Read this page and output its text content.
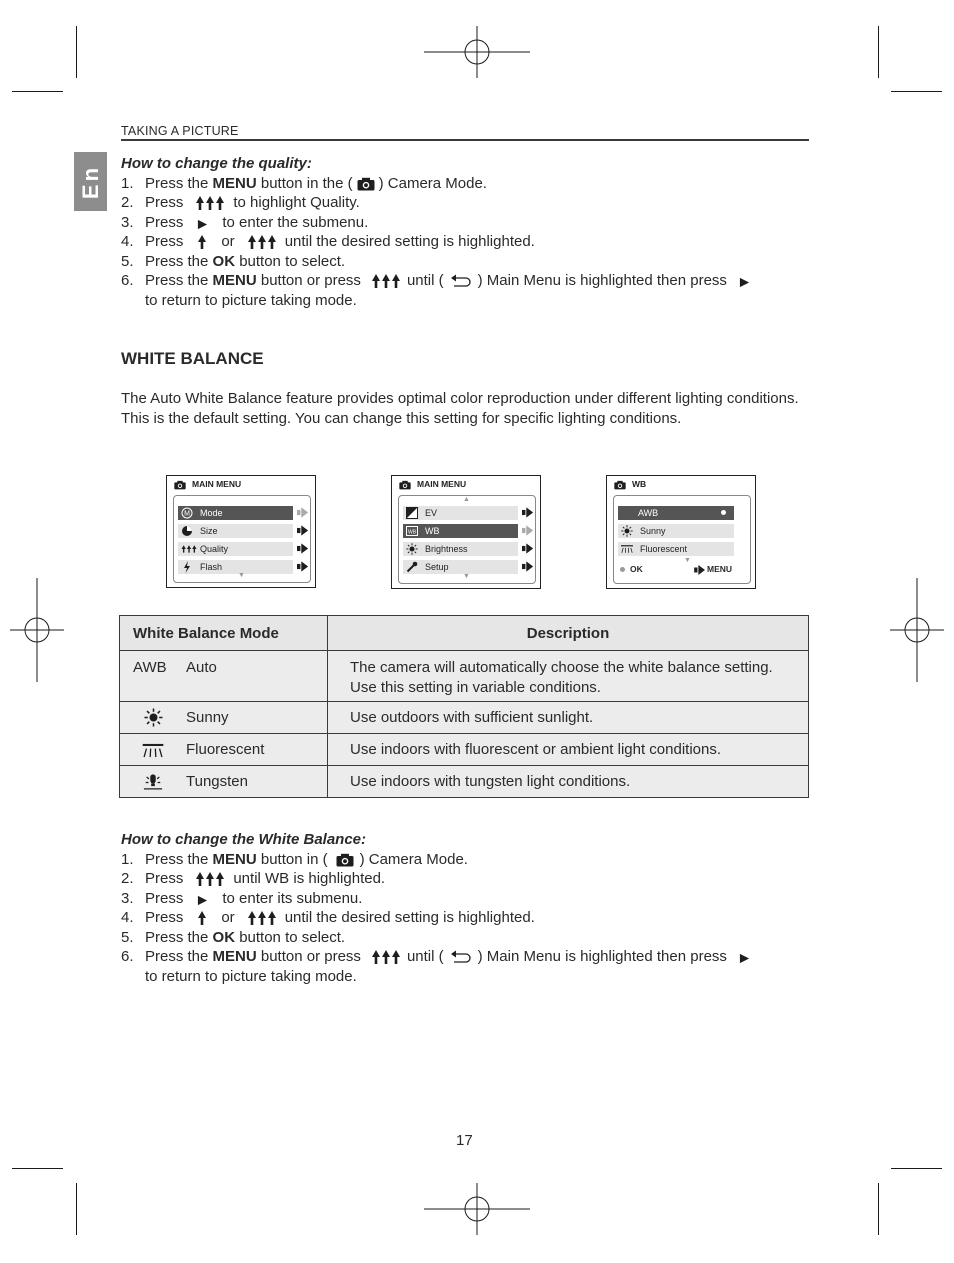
TAKING A PICTURE
En
How to change the quality:
1. Press the MENU button in the ( ) Camera Mode.
2. Press	to highlight Quality.
3. Press	to enter the submenu.
4. Press	or	until the desired setting is highlighted.
5. Press the OK button to select.
6. Press the MENU button or press	until ( ) Main Menu is highlighted then press
to return to picture taking mode.
WHITE BALANCE
The Auto White Balance feature provides optimal color reproduction under different lighting conditions. This is the default setting. You can change this setting for specific lighting conditions.
MAIN MENU
M Mode
Size
Quality
Flash
▼
MAIN MENU
▲
EV
WB WB
Brightness
Setup
▼
WB
AWB
Sunny
Fluorescent
▼
OK	MENU
White Balance Mode	Description

AWB Auto	The camera will automatically choose the white balance setting. Use this setting in variable conditions.

Sunny	Use outdoors with sufficient sunlight.

Fluorescent	Use indoors with fluorescent or ambient light conditions.

Tungsten	Use indoors with tungsten light conditions.
How to change the White Balance:
1. Press the MENU button in ( ) Camera Mode.
2. Press	until WB is highlighted.
3. Press	to enter its submenu.
4. Press	or	until the desired setting is highlighted.
5. Press the OK button to select.
6. Press the MENU button or press	until ( ) Main Menu is highlighted then press
to return to picture taking mode.
17
